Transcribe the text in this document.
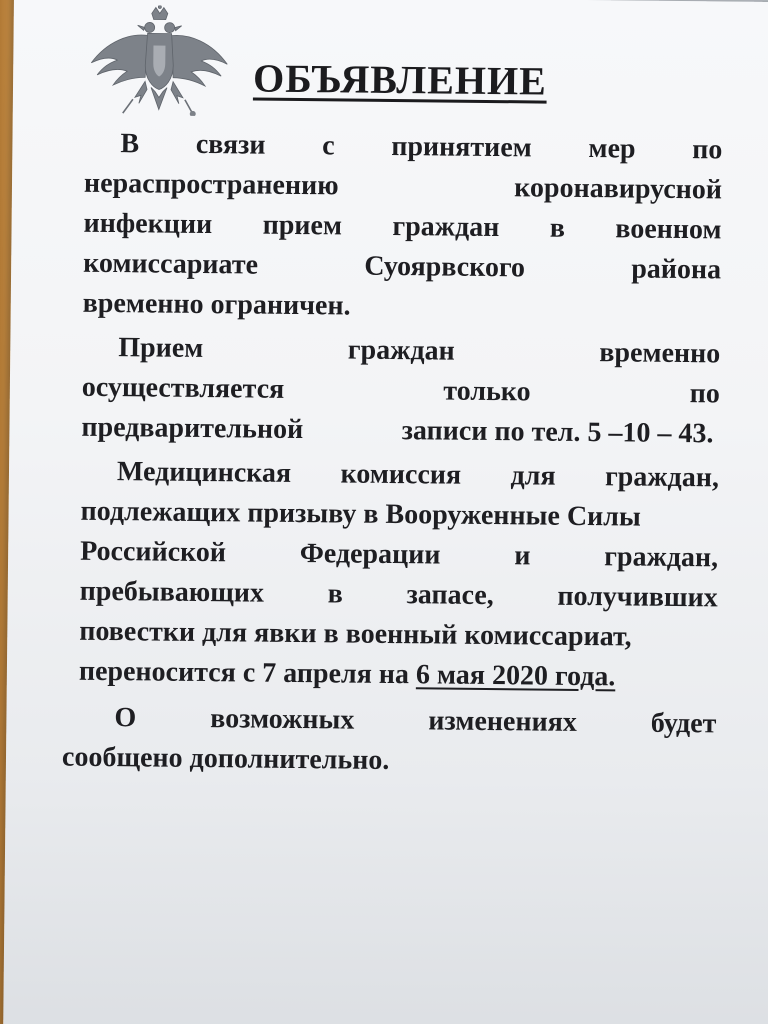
ОБЪЯВЛЕНИЕ
В связи с принятием мер по
нераспространению	коронавирусной
инфекции прием граждан в военном
комиссариате	Суоярвского	района
временно ограничен.
Прием	граждан	временно
осуществляется	только	по
предварительной	записи по тел. 5 –10 – 43.
Медицинская комиссия для граждан,
подлежащих призыву в Вооруженные Силы
Российской	Федерации	и	граждан,
пребывающих в запасе, получивших
повестки для явки в военный комиссариат,
переносится с 7 апреля на 6 мая 2020 года.
О	возможных	изменениях	будет
сообщено дополнительно.
